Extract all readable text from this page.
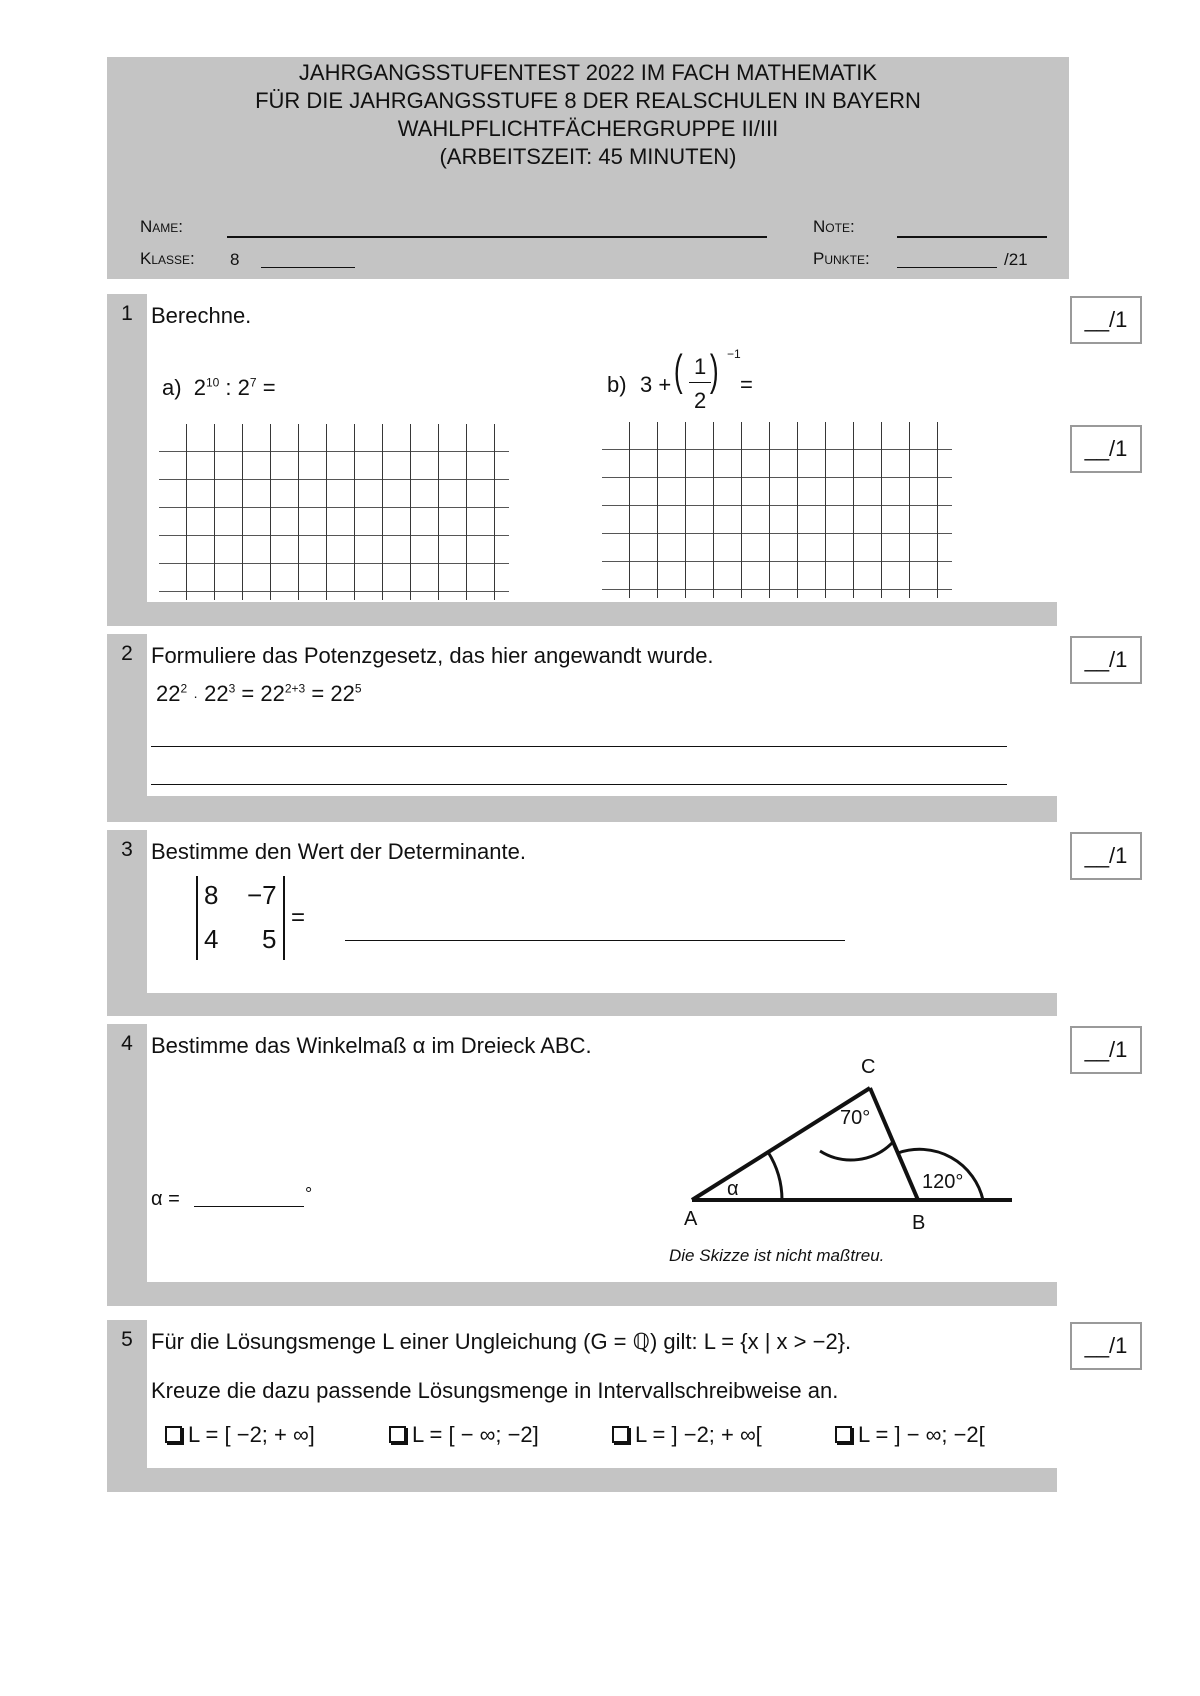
JAHRGANGSSTUFENTEST 2022 IM FACH MATHEMATIK
FÜR DIE JAHRGANGSSTUFE 8 DER REALSCHULEN IN BAYERN
WAHLPFLICHTFÄCHERGRUPPE II/III
(ARBEITSZEIT: 45 MINUTEN)
Name:	Note:
Klasse: 8	Punkte:	/21
1 Berechne.
a) $2^{10}$ : $2^7$ =	b) 3 + ( 1
2
) −1
=
__/1
__/1
2 Formuliere das Potenzgesetz, das hier angewandt wurde.
$22^2 \cdot 22^3 = 22^{2+3} = 22^5$
__/1
3 Bestimme den Wert der Determinante.
8 −7
4 5
=
__/1
4 Bestimme das Winkelmaß α im Dreieck ABC.
α =	°
A	B
C
70°
120°
α
Die Skizze ist nicht maßtreu.
__/1
5 Für die Lösungsmenge L einer Ungleichung (G = ℚ) gilt: L = {x | x > −2}.
Kreuze die dazu passende Lösungsmenge in Intervallschreibweise an.
L = [ −2; + ∞]	L = [ − ∞; −2]	L = ] −2; + ∞[	L = ] − ∞; −2[
__/1
